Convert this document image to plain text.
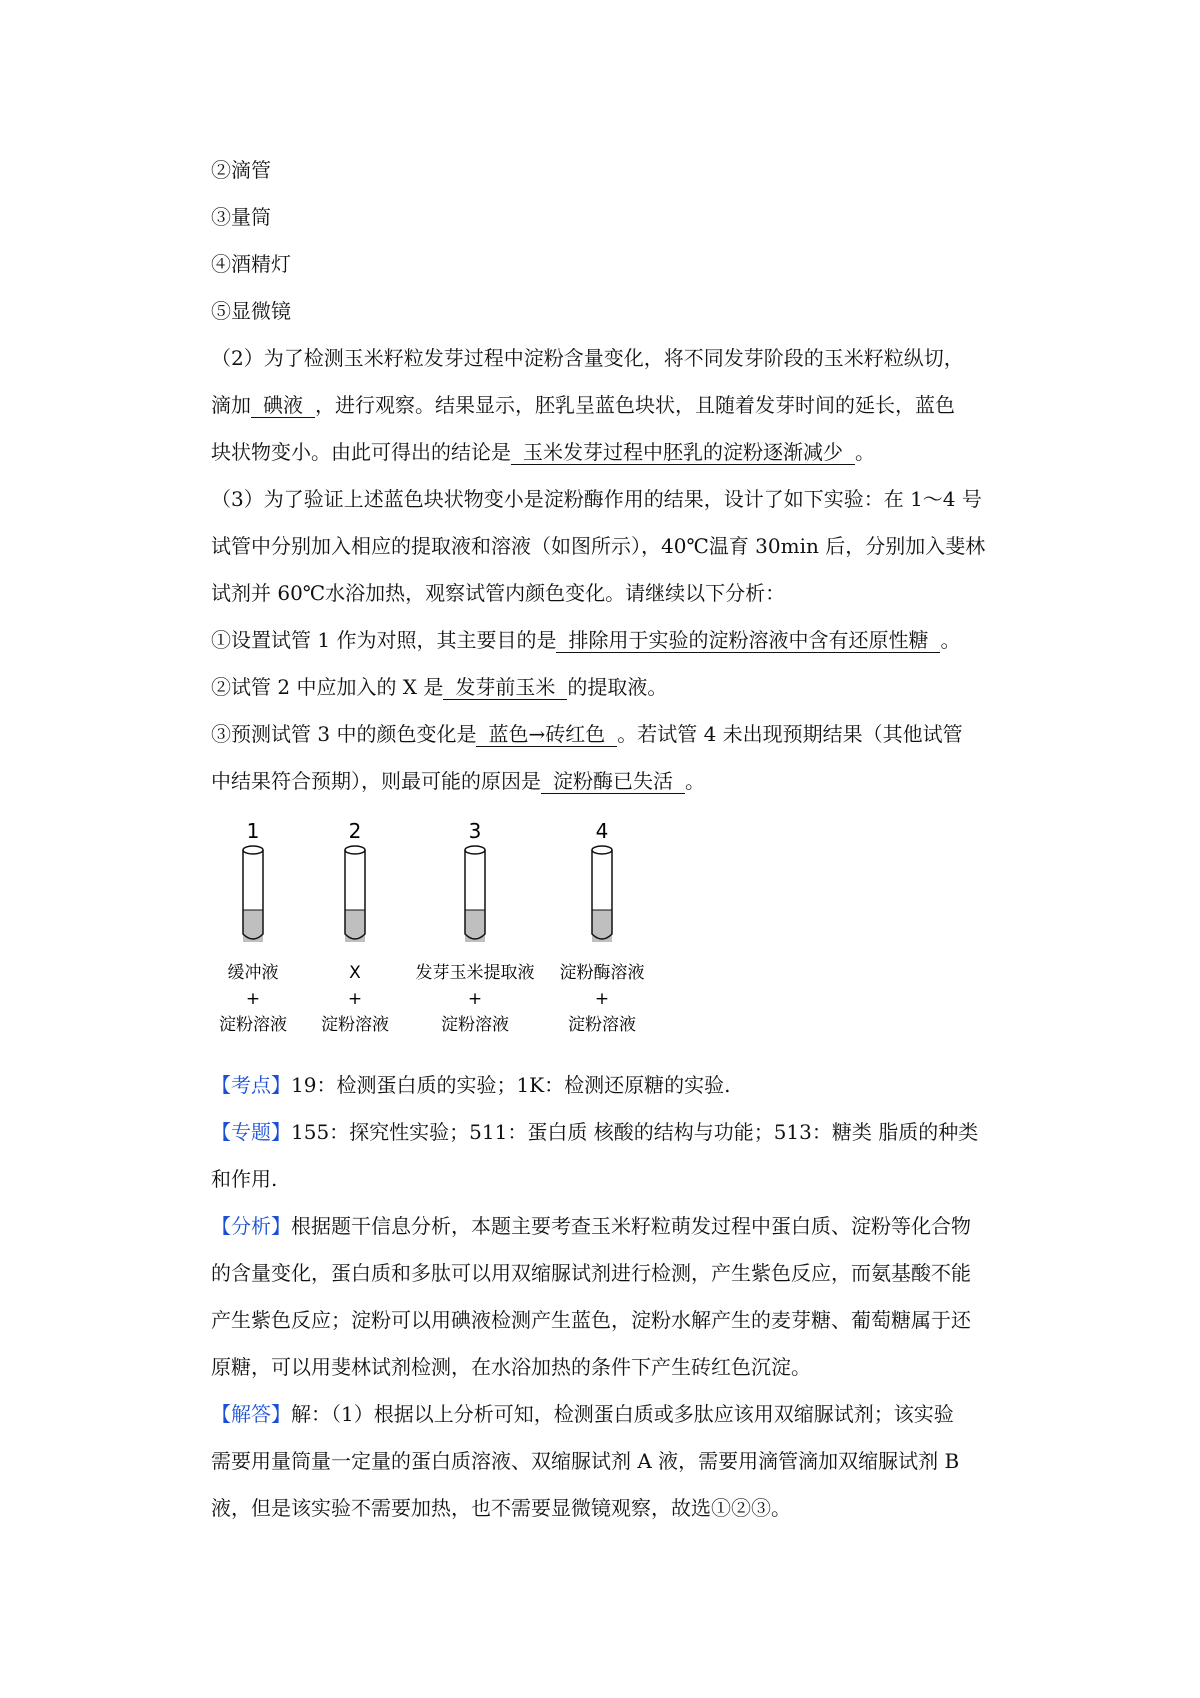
②滴管
③量筒
④酒精灯
⑤显微镜
（2）为了检测玉米籽粒发芽过程中淀粉含量变化，将不同发芽阶段的玉米籽粒纵切，
滴加 碘液 ，进行观察。结果显示，胚乳呈蓝色块状，且随着发芽时间的延长，蓝色
块状物变小。由此可得出的结论是 玉米发芽过程中胚乳的淀粉逐渐减少 。
（3）为了验证上述蓝色块状物变小是淀粉酶作用的结果，设计了如下实验：在 1～4 号
试管中分别加入相应的提取液和溶液（如图所示），40℃温育 30min 后，分别加入斐林
试剂并 60℃水浴加热，观察试管内颜色变化。请继续以下分析：
①设置试管 1 作为对照，其主要目的是 排除用于实验的淀粉溶液中含有还原性糖 。
②试管 2 中应加入的 X 是 发芽前玉米 的提取液。
③预测试管 3 中的颜色变化是 蓝色→砖红色 。若试管 4 未出现预期结果（其他试管
中结果符合预期），则最可能的原因是 淀粉酶已失活 。
1
缓冲液
+
淀粉溶液
2
X
+
淀粉溶液
3
发芽玉米提取液
+
淀粉溶液
4
淀粉酶溶液
+
淀粉溶液
【考点】19：检测蛋白质的实验；1K：检测还原糖的实验.
【专题】155：探究性实验；511：蛋白质 核酸的结构与功能；513：糖类 脂质的种类
和作用.
【分析】根据题干信息分析，本题主要考查玉米籽粒萌发过程中蛋白质、淀粉等化合物
的含量变化，蛋白质和多肽可以用双缩脲试剂进行检测，产生紫色反应，而氨基酸不能
产生紫色反应；淀粉可以用碘液检测产生蓝色，淀粉水解产生的麦芽糖、葡萄糖属于还
原糖，可以用斐林试剂检测，在水浴加热的条件下产生砖红色沉淀。
【解答】解：（1）根据以上分析可知，检测蛋白质或多肽应该用双缩脲试剂；该实验
需要用量筒量一定量的蛋白质溶液、双缩脲试剂 A 液，需要用滴管滴加双缩脲试剂 B
液，但是该实验不需要加热，也不需要显微镜观察，故选①②③。
